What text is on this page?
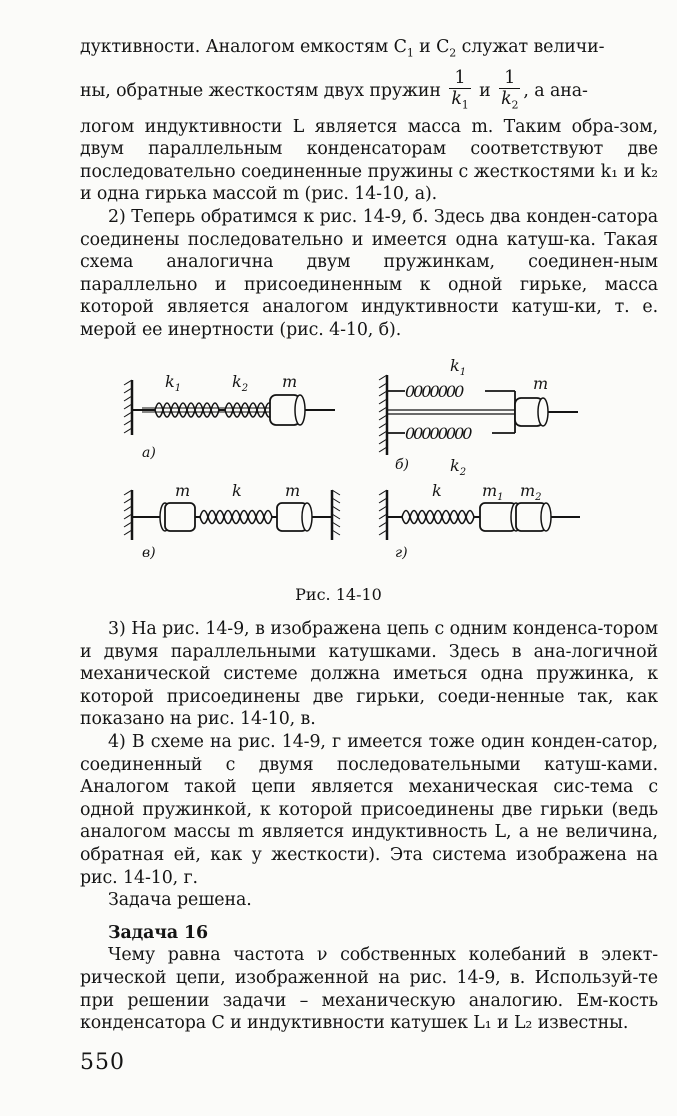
дуктивности. Аналогом емкостям $C_1$ и $C_2$ служат величи-

ны, обратные жесткостям двух пружин $\frac{1}{k_1}$ и $\frac{1}{k_2}$ , а ана-

логом индуктивности L является масса m. Таким обра-зом, двум параллельным конденсаторам соответствуют две последовательно соединенные пружины с жесткостями k₁ и k₂ и одна гирька массой m (рис. 14-10, а).

2) Теперь обратимся к рис. 14-9, б. Здесь два конден-сатора соединены последовательно и имеется одна катуш-ка. Такая схема аналогична двум пружинкам, соединен-ным параллельно и присоединенным к одной гирьке, масса которой является аналогом индуктивности катуш-ки, т. е. мерой ее инертности (рис. 4-10, б).

$k_1$	$k_2$ m
а)
0000000
00000000
$k_1$
m
$k_2$
б)
m	k	m
в)
k	$m_1$ $m_2$
г)
Рис. 14-10

3) На рис. 14-9, в изображена цепь с одним конденса-тором и двумя параллельными катушками. Здесь в ана-логичной механической системе должна иметься одна пружинка, к которой присоединены две гирьки, соеди-ненные так, как показано на рис. 14-10, в.

4) В схеме на рис. 14-9, г имеется тоже один конден-сатор, соединенный с двумя последовательными катуш-ками. Аналогом такой цепи является механическая сис-тема с одной пружинкой, к которой присоединены две гирьки (ведь аналогом массы m является индуктивность L, а не величина, обратная ей, как у жесткости). Эта система изображена на рис. 14-10, г.

Задача решена.

Задача 16

Чему равна частота ν собственных колебаний в элект-рической цепи, изображенной на рис. 14-9, в. Используй-те при решении задачи – механическую аналогию. Ем-кость конденсатора C и индуктивности катушек L₁ и L₂ известны.

550
